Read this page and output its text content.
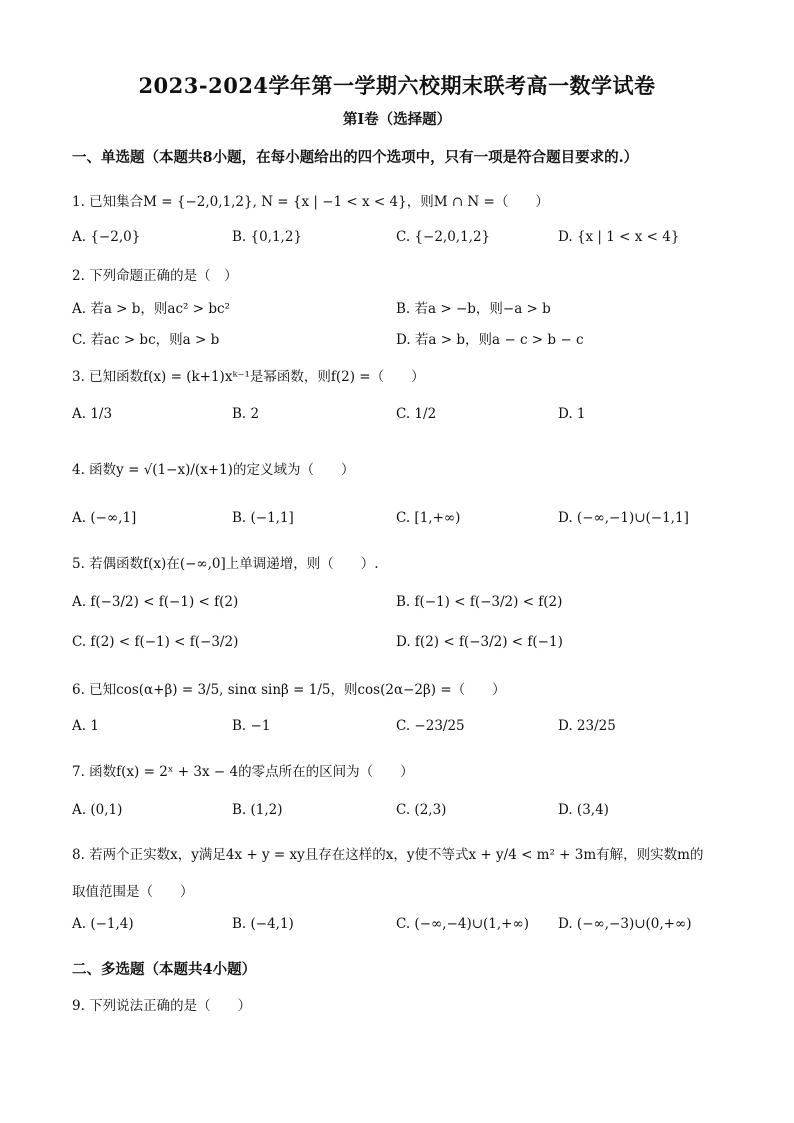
2023-2024学年第一学期六校期末联考高一数学试卷
第I卷（选择题）
一、单选题（本题共8小题，在每小题给出的四个选项中，只有一项是符合题目要求的.）
1. 已知集合M = {−2,0,1,2}, N = {x | −1 < x < 4}，则M ∩ N =（　　）
A. {−2,0}	B. {0,1,2}	C. {−2,0,1,2}	D. {x | 1 < x < 4}
2. 下列命题正确的是（　）
A. 若a > b，则ac² > bc²	B. 若a > −b，则−a > b
C. 若ac > bc，则a > b	D. 若a > b，则a − c > b − c
3. 已知函数f(x) = (k+1)xᵏ⁻¹是幂函数，则f(2) =（　　）
A. 1/3	B. 2	C. 1/2	D. 1
4. 函数y = √(1−x)/(x+1)的定义域为（　　）
A. (−∞,1]	B. (−1,1]	C. [1,+∞)	D. (−∞,−1)∪(−1,1]
5. 若偶函数f(x)在(−∞,0]上单调递增，则（　　）.
A. f(−3/2) < f(−1) < f(2)	B. f(−1) < f(−3/2) < f(2)
C. f(2) < f(−1) < f(−3/2)	D. f(2) < f(−3/2) < f(−1)
6. 已知cos(α+β) = 3/5, sinα sinβ = 1/5，则cos(2α−2β) =（　　）
A. 1	B. −1	C. −23/25	D. 23/25
7. 函数f(x) = 2ˣ + 3x − 4的零点所在的区间为（　　）
A. (0,1)	B. (1,2)	C. (2,3)	D. (3,4)
8. 若两个正实数x，y满足4x + y = xy且存在这样的x，y使不等式x + y/4 < m² + 3m有解，则实数m的
取值范围是（　　）
A. (−1,4)	B. (−4,1)	C. (−∞,−4)∪(1,+∞) D. (−∞,−3)∪(0,+∞)
二、多选题（本题共4小题）
9. 下列说法正确的是（　　）
